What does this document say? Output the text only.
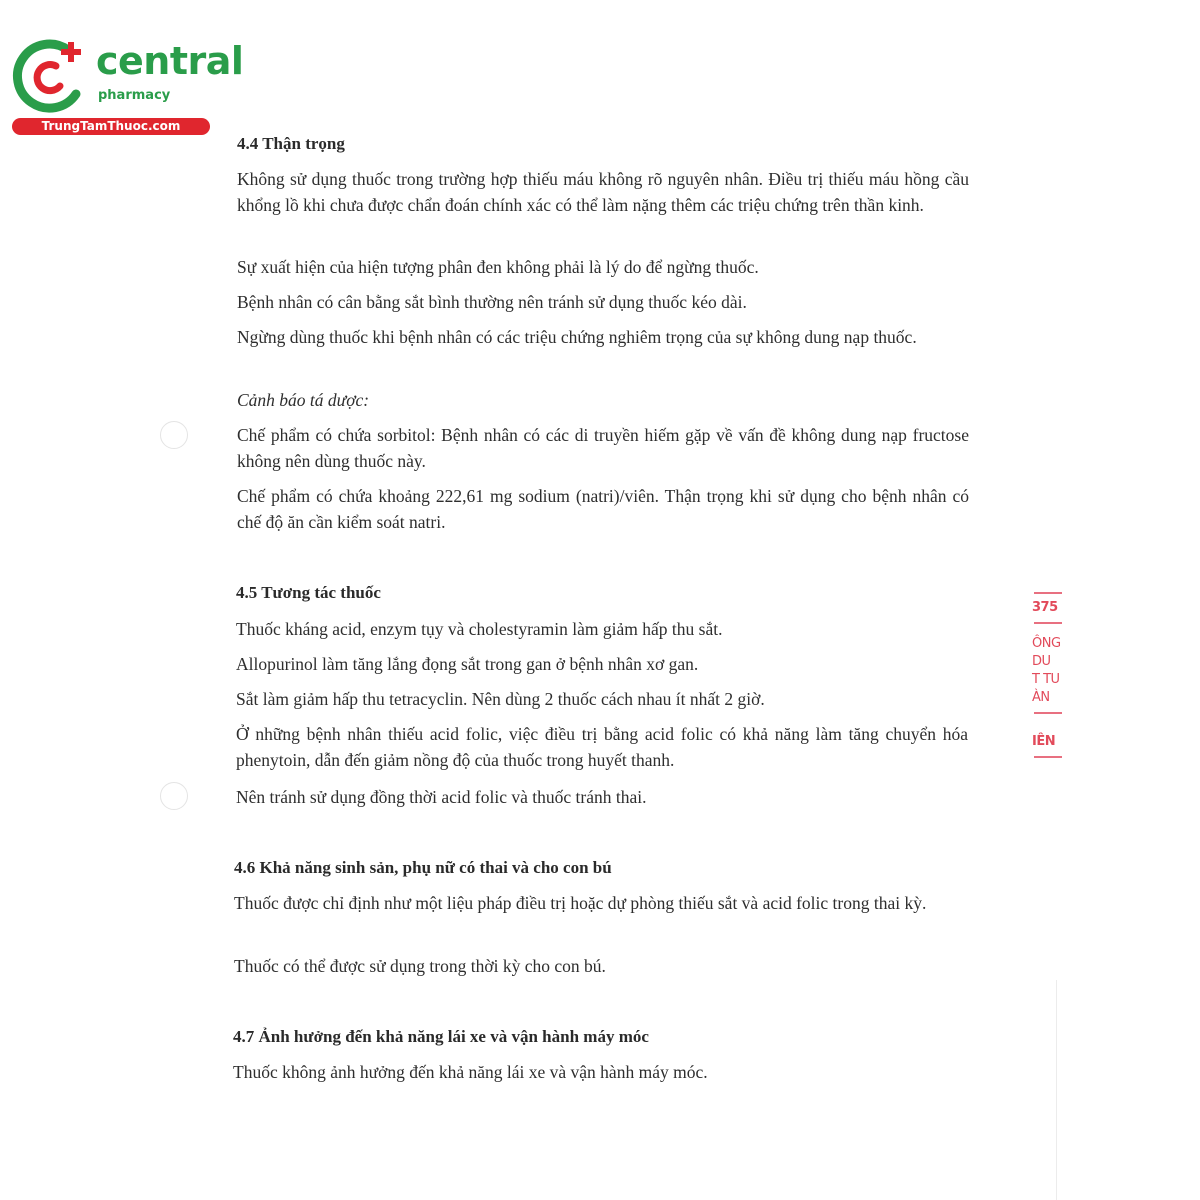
central
pharmacy
TrungTamThuoc.com
4.4 Thận trọng
Không sử dụng thuốc trong trường hợp thiếu máu không rõ nguyên nhân. Điều trị thiếu máu hồng cầu khổng lồ khi chưa được chẩn đoán chính xác có thể làm nặng thêm các triệu chứng trên thần kinh.
Sự xuất hiện của hiện tượng phân đen không phải là lý do để ngừng thuốc.
Bệnh nhân có cân bằng sắt bình thường nên tránh sử dụng thuốc kéo dài.
Ngừng dùng thuốc khi bệnh nhân có các triệu chứng nghiêm trọng của sự không dung nạp thuốc.
Cảnh báo tá dược:
Chế phẩm có chứa sorbitol: Bệnh nhân có các di truyền hiếm gặp về vấn đề không dung nạp fructose không nên dùng thuốc này.
Chế phẩm có chứa khoảng 222,61 mg sodium (natri)/viên. Thận trọng khi sử dụng cho bệnh nhân có chế độ ăn cần kiểm soát natri.
4.5 Tương tác thuốc
Thuốc kháng acid, enzym tụy và cholestyramin làm giảm hấp thu sắt.
Allopurinol làm tăng lắng đọng sắt trong gan ở bệnh nhân xơ gan.
Sắt làm giảm hấp thu tetracyclin. Nên dùng 2 thuốc cách nhau ít nhất 2 giờ.
Ở những bệnh nhân thiếu acid folic, việc điều trị bằng acid folic có khả năng làm tăng chuyển hóa phenytoin, dẫn đến giảm nồng độ của thuốc trong huyết thanh.
Nên tránh sử dụng đồng thời acid folic và thuốc tránh thai.
4.6 Khả năng sinh sản, phụ nữ có thai và cho con bú
Thuốc được chỉ định như một liệu pháp điều trị hoặc dự phòng thiếu sắt và acid folic trong thai kỳ.
Thuốc có thể được sử dụng trong thời kỳ cho con bú.
4.7 Ảnh hưởng đến khả năng lái xe và vận hành máy móc
Thuốc không ảnh hưởng đến khả năng lái xe và vận hành máy móc.
375
ÔNG
DU
T TU
ÀN
IÊN
